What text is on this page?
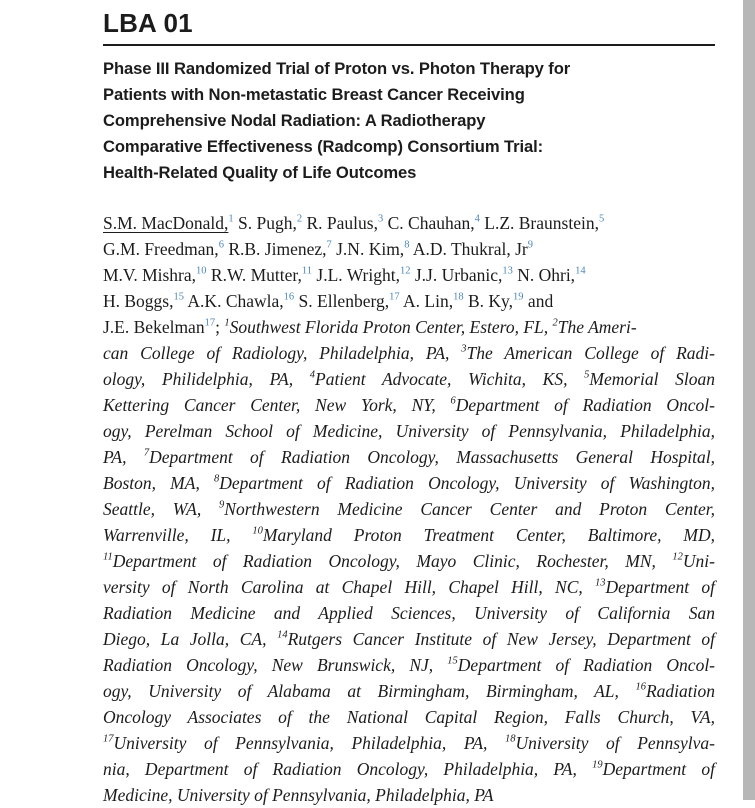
LBA 01
Phase III Randomized Trial of Proton vs. Photon Therapy for
Patients with Non-metastatic Breast Cancer Receiving
Comprehensive Nodal Radiation: A Radiotherapy
Comparative Effectiveness (Radcomp) Consortium Trial:
Health-Related Quality of Life Outcomes
S.M. MacDonald,$^1$ S. Pugh,$^2$ R. Paulus,$^3$ C. Chauhan,$^4$ L.Z. Braunstein,$^5$
G.M. Freedman,$^6$ R.B. Jimenez,$^7$ J.N. Kim,$^8$ A.D. Thukral, Jr$^9$
M.V. Mishra,$^{10}$ R.W. Mutter,$^{11}$ J.L. Wright,$^{12}$ J.J. Urbanic,$^{13}$ N. Ohri,$^{14}$
H. Boggs,$^{15}$ A.K. Chawla,$^{16}$ S. Ellenberg,$^{17}$ A. Lin,$^{18}$ B. Ky,$^{19}$ and
J.E. Bekelman$^{17}$; $^1$Southwest Florida Proton Center, Estero, FL, $^2$The Ameri-
can College of Radiology, Philadelphia, PA, $^3$The American College of Radi-
ology, Philidelphia, PA, $^4$Patient Advocate, Wichita, KS, $^5$Memorial Sloan
Kettering Cancer Center, New York, NY, $^6$Department of Radiation Oncol-
ogy, Perelman School of Medicine, University of Pennsylvania, Philadelphia,
PA, $^7$Department of Radiation Oncology, Massachusetts General Hospital,
Boston, MA, $^8$Department of Radiation Oncology, University of Washington,
Seattle, WA, $^9$Northwestern Medicine Cancer Center and Proton Center,
Warrenville, IL, $^{10}$Maryland Proton Treatment Center, Baltimore, MD,
$^{11}$Department of Radiation Oncology, Mayo Clinic, Rochester, MN, $^{12}$Uni-
versity of North Carolina at Chapel Hill, Chapel Hill, NC, $^{13}$Department of
Radiation Medicine and Applied Sciences, University of California San
Diego, La Jolla, CA, $^{14}$Rutgers Cancer Institute of New Jersey, Department of
Radiation Oncology, New Brunswick, NJ, $^{15}$Department of Radiation Oncol-
ogy, University of Alabama at Birmingham, Birmingham, AL, $^{16}$Radiation
Oncology Associates of the National Capital Region, Falls Church, VA,
$^{17}$University of Pennsylvania, Philadelphia, PA, $^{18}$University of Pennsylva-
nia, Department of Radiation Oncology, Philadelphia, PA, $^{19}$Department of
Medicine, University of Pennsylvania, Philadelphia, PA
